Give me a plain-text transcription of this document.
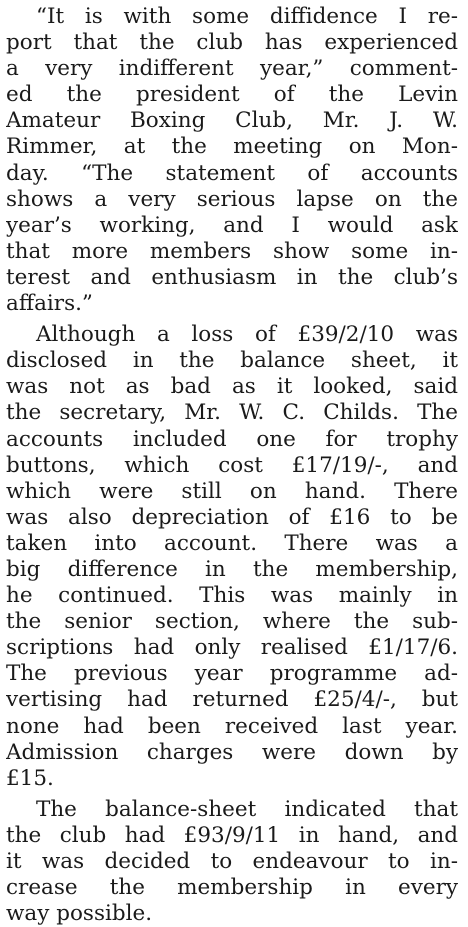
“It is with some diffidence I re-
port that the club has experienced
a very indifferent year,” comment-
ed the president of the Levin
Amateur Boxing Club, Mr. J. W.
Rimmer, at the meeting on Mon-
day. “The statement of accounts
shows a very serious lapse on the
year’s working, and I would ask
that more members show some in-
terest and enthusiasm in the club’s
affairs.”

Although a loss of £39/2/10 was
disclosed in the balance sheet, it
was not as bad as it looked, said
the secretary, Mr. W. C. Childs. The
accounts included one for trophy
buttons, which cost £17/19/-, and
which were still on hand. There
was also depreciation of £16 to be
taken into account. There was a
big difference in the membership,
he continued. This was mainly in
the senior section, where the sub-
scriptions had only realised £1/17/6.
The previous year programme ad-
vertising had returned £25/4/-, but
none had been received last year.
Admission charges were down by
£15.

The balance-sheet indicated that
the club had £93/9/11 in hand, and
it was decided to endeavour to in-
crease the membership in every
way possible.
